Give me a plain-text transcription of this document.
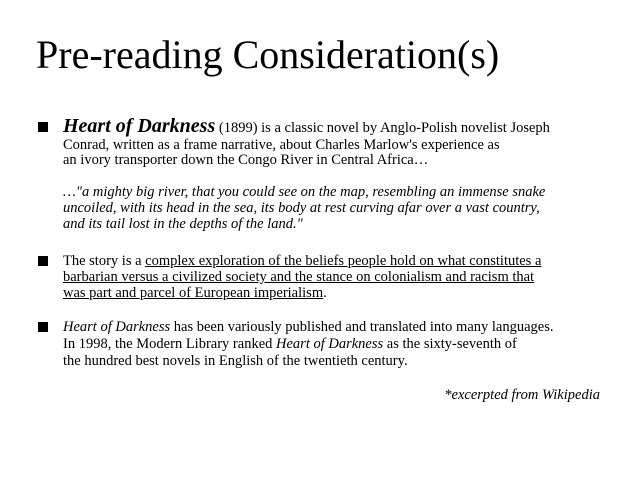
Pre-reading Consideration(s)

Heart of Darkness (1899) is a classic novel by Anglo-Polish novelist Joseph

Conrad, written as a frame narrative, about Charles Marlow's experience as

an ivory transporter down the Congo River in Central Africa…

…"a mighty big river, that you could see on the map, resembling an immense snake

uncoiled, with its head in the sea, its body at rest curving afar over a vast country,

and its tail lost in the depths of the land."

The story is a complex exploration of the beliefs people hold on what constitutes a

barbarian versus a civilized society and the stance on colonialism and racism that

was part and parcel of European imperialism.

Heart of Darkness has been variously published and translated into many languages.

In 1998, the Modern Library ranked Heart of Darkness as the sixty-seventh of

the hundred best novels in English of the twentieth century.

*excerpted from Wikipedia
